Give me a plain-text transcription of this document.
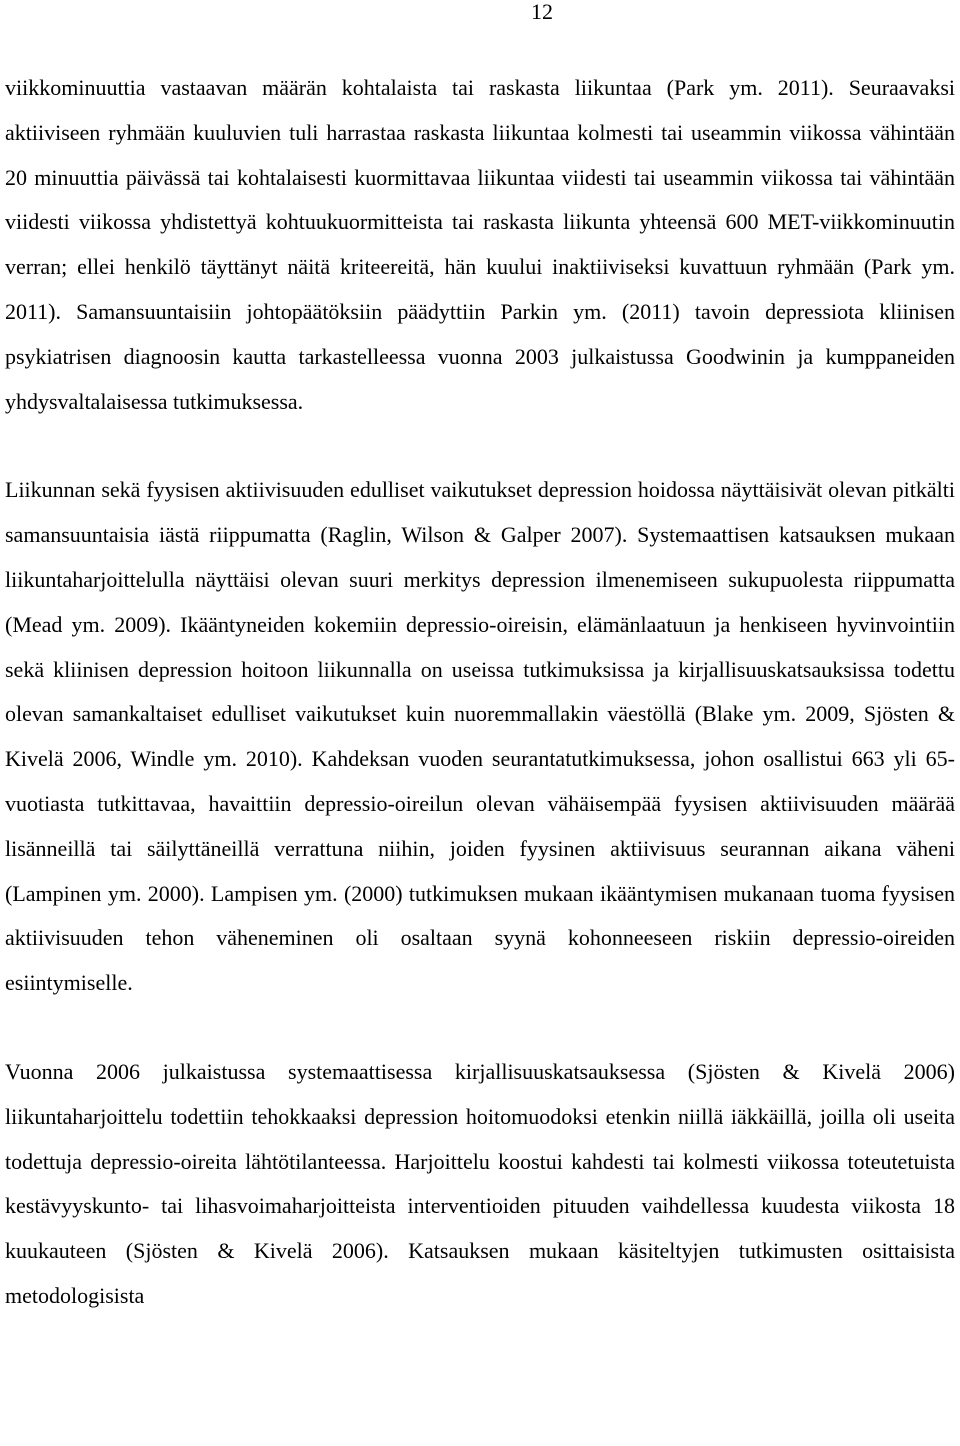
12

viikkominuuttia vastaavan määrän kohtalaista tai raskasta liikuntaa (Park ym. 2011). Seuraavaksi aktiiviseen ryhmään kuuluvien tuli harrastaa raskasta liikuntaa kolmesti tai useammin viikossa vähintään 20 minuuttia päivässä tai kohtalaisesti kuormittavaa liikuntaa viidesti tai useammin viikossa tai vähintään viidesti viikossa yhdistettyä kohtuukuormitteista tai raskasta liikunta yhteensä 600 MET-viikkominuutin verran; ellei henkilö täyttänyt näitä kriteereitä, hän kuului inaktiiviseksi kuvattuun ryhmään (Park ym. 2011). Samansuuntaisiin johtopäätöksiin päädyttiin Parkin ym. (2011) tavoin depressiota kliinisen psykiatrisen diagnoosin kautta tarkastelleessa vuonna 2003 julkaistussa Goodwinin ja kumppaneiden yhdysvaltalaisessa tutkimuksessa.

Liikunnan sekä fyysisen aktiivisuuden edulliset vaikutukset depression hoidossa näyttäisivät olevan pitkälti samansuuntaisia iästä riippumatta (Raglin, Wilson & Galper 2007). Systemaattisen katsauksen mukaan liikuntaharjoittelulla näyttäisi olevan suuri merkitys depression ilmenemiseen sukupuolesta riippumatta (Mead ym. 2009). Ikääntyneiden kokemiin depressio-oireisin, elämänlaatuun ja henkiseen hyvinvointiin sekä kliinisen depression hoitoon liikunnalla on useissa tutkimuksissa ja kirjallisuuskatsauksissa todettu olevan samankaltaiset edulliset vaikutukset kuin nuoremmallakin väestöllä (Blake ym. 2009, Sjösten & Kivelä 2006, Windle ym. 2010). Kahdeksan vuoden seurantatutkimuksessa, johon osallistui 663 yli 65-vuotiasta tutkittavaa, havaittiin depressio-oireilun olevan vähäisempää fyysisen aktiivisuuden määrää lisänneillä tai säilyttäneillä verrattuna niihin, joiden fyysinen aktiivisuus seurannan aikana väheni (Lampinen ym. 2000). Lampisen ym. (2000) tutkimuksen mukaan ikääntymisen mukanaan tuoma fyysisen aktiivisuuden tehon väheneminen oli osaltaan syynä kohonneeseen riskiin depressio-oireiden esiintymiselle.

Vuonna 2006 julkaistussa systemaattisessa kirjallisuuskatsauksessa (Sjösten & Kivelä 2006) liikuntaharjoittelu todettiin tehokkaaksi depression hoitomuodoksi etenkin niillä iäkkäillä, joilla oli useita todettuja depressio-oireita lähtötilanteessa. Harjoittelu koostui kahdesti tai kolmesti viikossa toteutetuista kestävyyskunto- tai lihasvoimaharjoitteista interventioiden pituuden vaihdellessa kuudesta viikosta 18 kuukauteen (Sjösten & Kivelä 2006). Katsauksen mukaan käsiteltyjen tutkimusten osittaisista metodologisista
